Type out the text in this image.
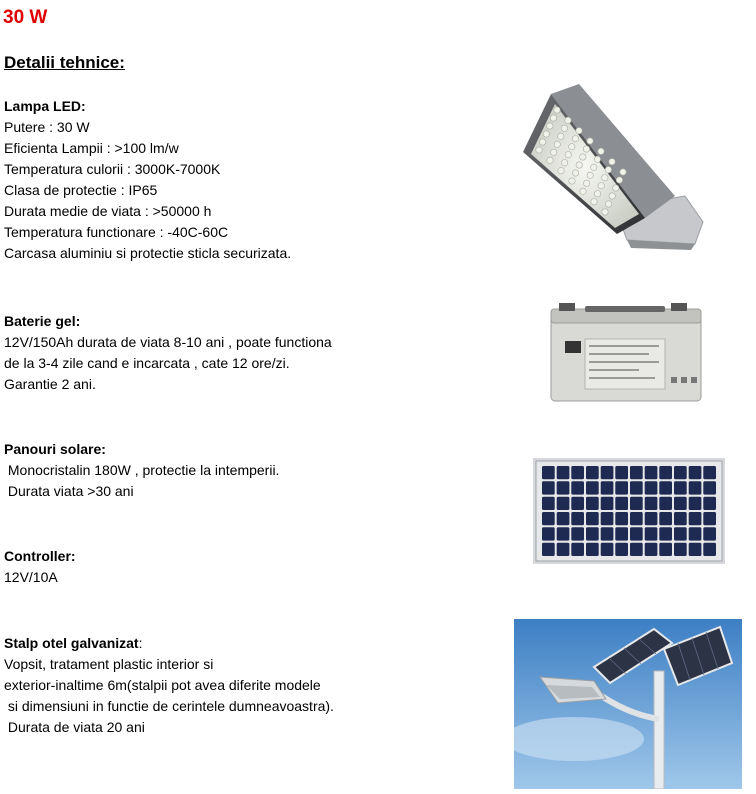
30 W
Detalii tehnice:
Lampa LED:
Putere : 30 W
Eficienta Lampii : >100 lm/w
Temperatura culorii : 3000K-7000K
Clasa de protectie : IP65
Durata medie de viata : >50000 h
Temperatura functionare : -40C-60C
Carcasa aluminiu si protectie sticla securizata.
Baterie gel:
12V/150Ah durata de viata 8-10 ani , poate functiona
de la 3-4 zile cand e incarcata , cate 12 ore/zi.
Garantie 2 ani.
Panouri solare:
Monocristalin 180W , protectie la intemperii.
Durata viata >30 ani
Controller:
12V/10A
Stalp otel galvanizat:
Vopsit, tratament plastic interior si
exterior-inaltime 6m(stalpii pot avea diferite modele
si dimensiuni in functie de cerintele dumneavoastra).
Durata de viata 20 ani
